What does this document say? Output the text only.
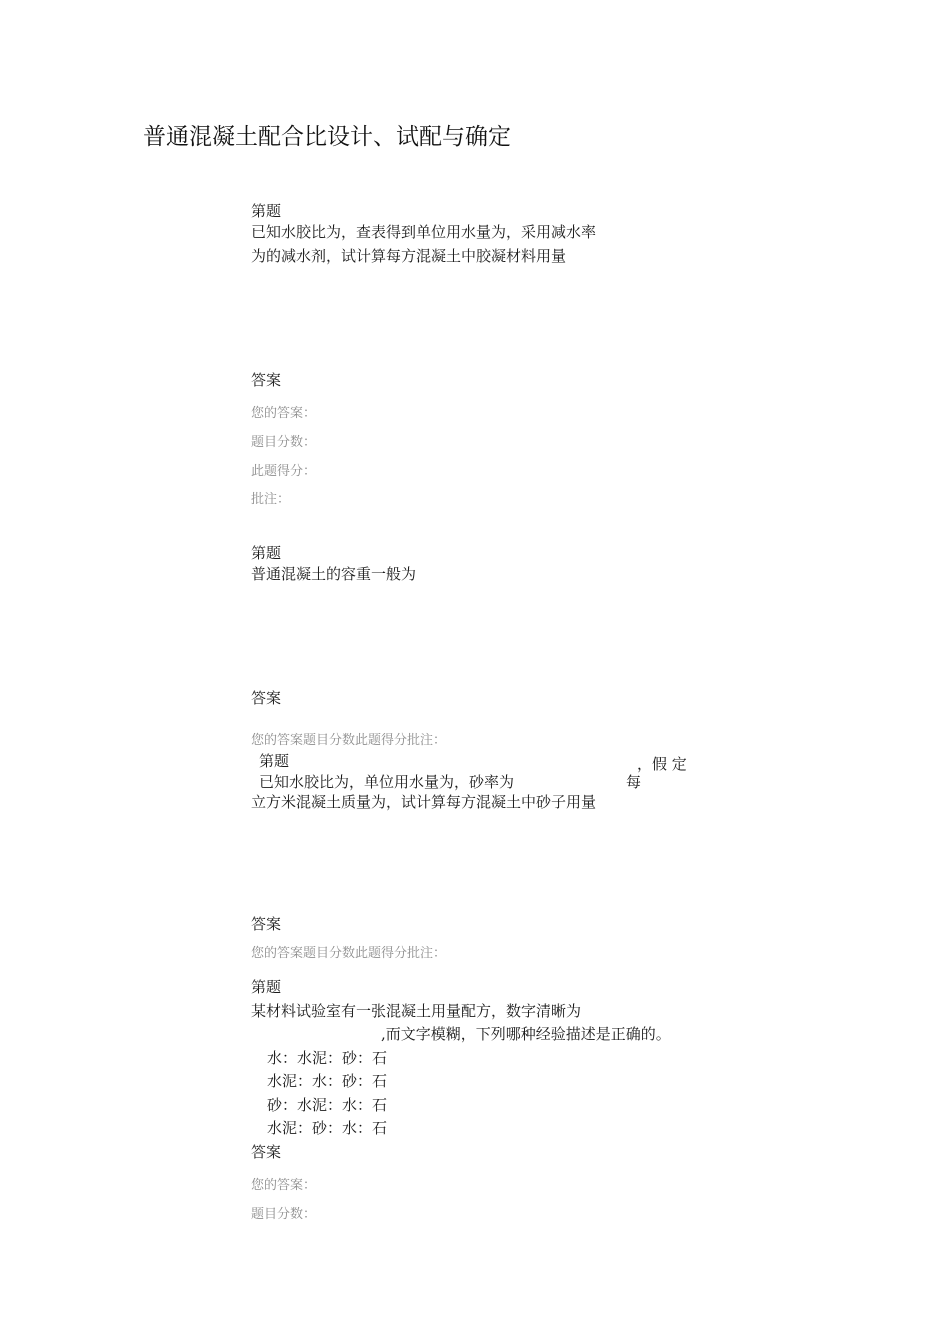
普通混凝土配合比设计、试配与确定
第题
已知水胶比为，查表得到单位用水量为，采用减水率
为的减水剂，试计算每方混凝土中胶凝材料用量
答案
您的答案：
题目分数：
此题得分：
批注：
第题
普通混凝土的容重一般为
答案
您的答案题目分数此题得分批注：
第题	，假 定
已知水胶比为，单位用水量为，砂率为	每
立方米混凝土质量为，试计算每方混凝土中砂子用量
答案
您的答案题目分数此题得分批注：
第题
某材料试验室有一张混凝土用量配方，数字清晰为
,而文字模糊，下列哪种经验描述是正确的。
水：水泥：砂：石
水泥：水：砂：石
砂：水泥：水：石
水泥：砂：水：石
答案
您的答案：
题目分数：
